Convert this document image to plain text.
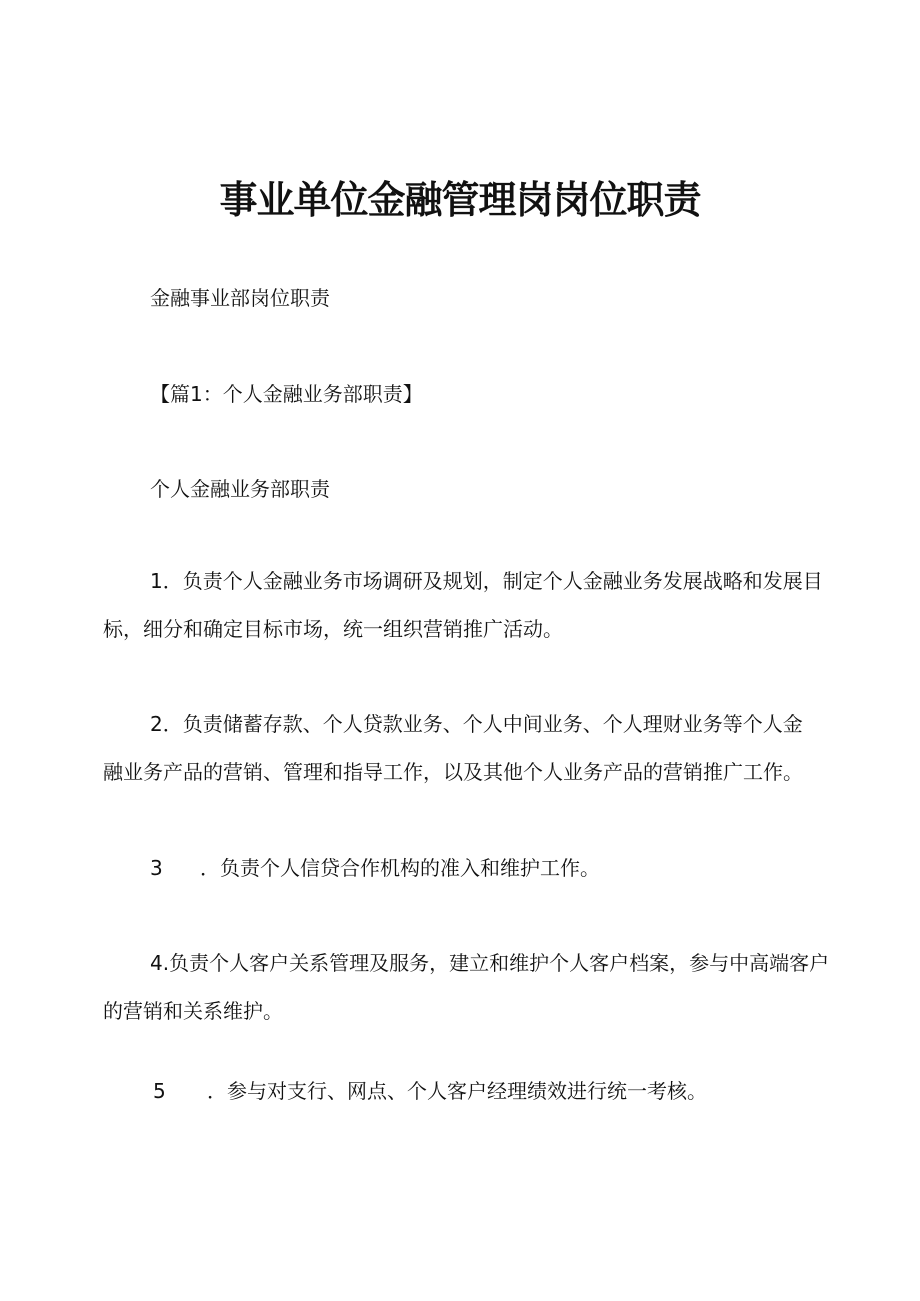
事业单位金融管理岗岗位职责

金融事业部岗位职责

【篇1：个人金融业务部职责】

个人金融业务部职责

1．负责个人金融业务市场调研及规划，制定个人金融业务发展战略和发展目
标，细分和确定目标市场，统一组织营销推广活动。
2．负责储蓄存款、个人贷款业务、个人中间业务、个人理财业务等个人金
融业务产品的营销、管理和指导工作，以及其他个人业务产品的营销推广工作。
3 ．负责个人信贷合作机构的准入和维护工作。
4.负责个人客户关系管理及服务，建立和维护个人客户档案，参与中高端客户
的营销和关系维护。
5 ．参与对支行、网点、个人客户经理绩效进行统一考核。
